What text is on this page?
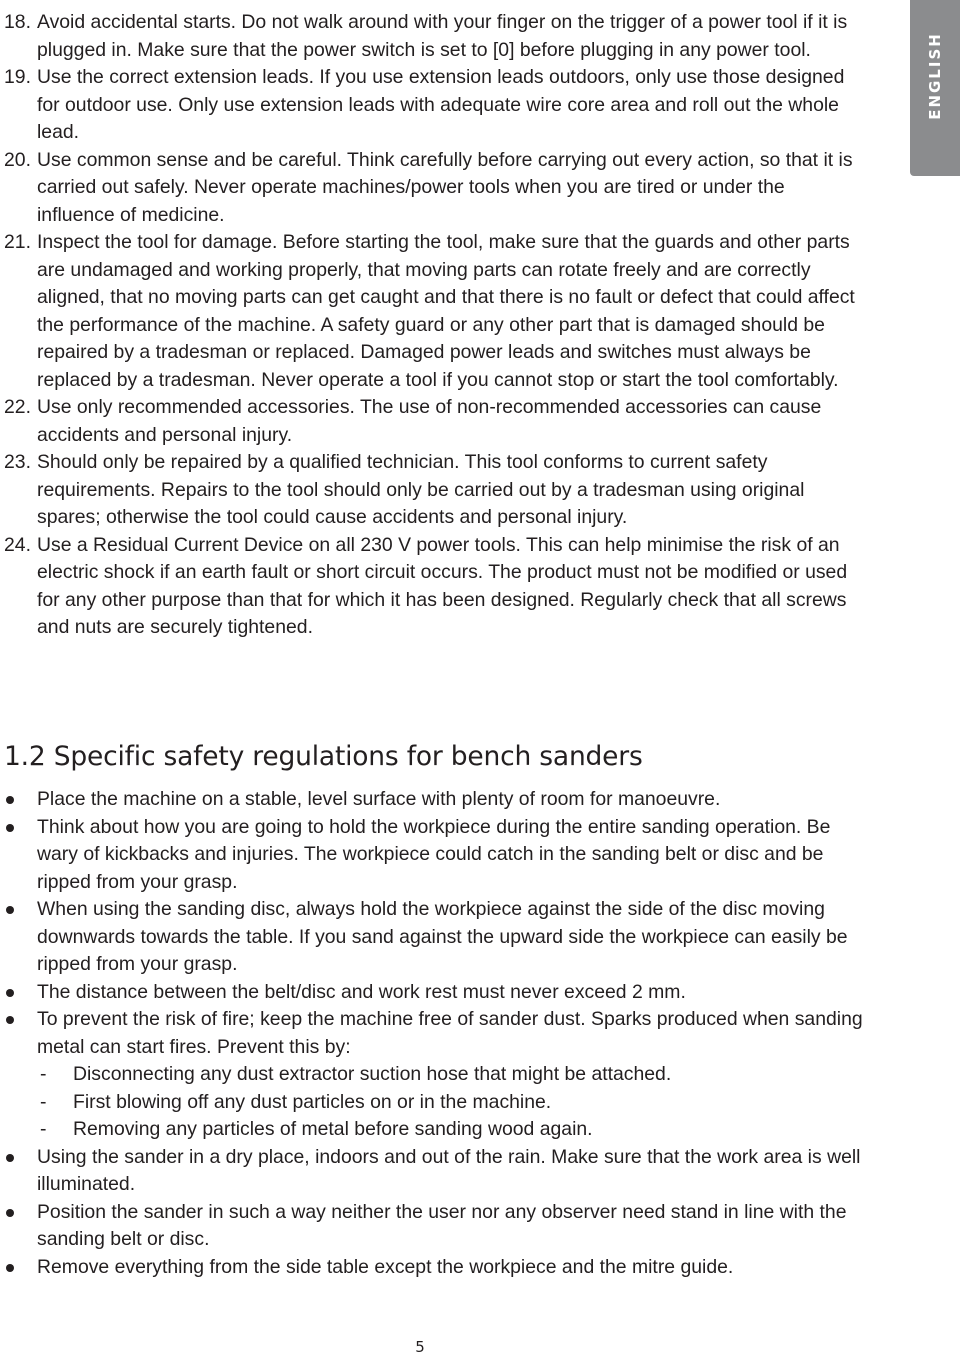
ENGLISH
18. Avoid accidental starts. Do not walk around with your finger on the trigger of a power tool if it is plugged in. Make sure that the power switch is set to [0] before plugging in any power tool.
19. Use the correct extension leads. If you use extension leads outdoors, only use those designed for outdoor use. Only use extension leads with adequate wire core area and roll out the whole lead.
20. Use common sense and be careful. Think carefully before carrying out every action, so that it is carried out safely. Never operate machines/power tools when you are tired or under the influence of medicine.
21. Inspect the tool for damage. Before starting the tool, make sure that the guards and other parts are undamaged and working properly, that moving parts can rotate freely and are correctly aligned, that no moving parts can get caught and that there is no fault or defect that could affect the performance of the machine. A safety guard or any other part that is damaged should be repaired by a tradesman or replaced. Damaged power leads and switches must always be replaced by a tradesman. Never operate a tool if you cannot stop or start the tool comfortably.
22. Use only recommended accessories. The use of non-recommended accessories can cause accidents and personal injury.
23. Should only be repaired by a qualified technician. This tool conforms to current safety requirements. Repairs to the tool should only be carried out by a tradesman using original spares; otherwise the tool could cause accidents and personal injury.
24. Use a Residual Current Device on all 230 V power tools. This can help minimise the risk of an electric shock if an earth fault or short circuit occurs. The product must not be modified or used for any other purpose than that for which it has been designed. Regularly check that all screws and nuts are securely tightened.
1.2 Specific safety regulations for bench sanders
Place the machine on a stable, level surface with plenty of room for manoeuvre.
Think about how you are going to hold the workpiece during the entire sanding operation. Be wary of kickbacks and injuries. The workpiece could catch in the sanding belt or disc and be ripped from your grasp.
When using the sanding disc, always hold the workpiece against the side of the disc moving downwards towards the table. If you sand against the upward side the workpiece can easily be ripped from your grasp.
The distance between the belt/disc and work rest must never exceed 2 mm.
To prevent the risk of fire; keep the machine free of sander dust. Sparks produced when sanding metal can start fires. Prevent this by:
- Disconnecting any dust extractor suction hose that might be attached.
- First blowing off any dust particles on or in the machine.
- Removing any particles of metal before sanding wood again.
Using the sander in a dry place, indoors and out of the rain. Make sure that the work area is well illuminated.
Position the sander in such a way neither the user nor any observer need stand in line with the sanding belt or disc.
Remove everything from the side table except the workpiece and the mitre guide.
5
